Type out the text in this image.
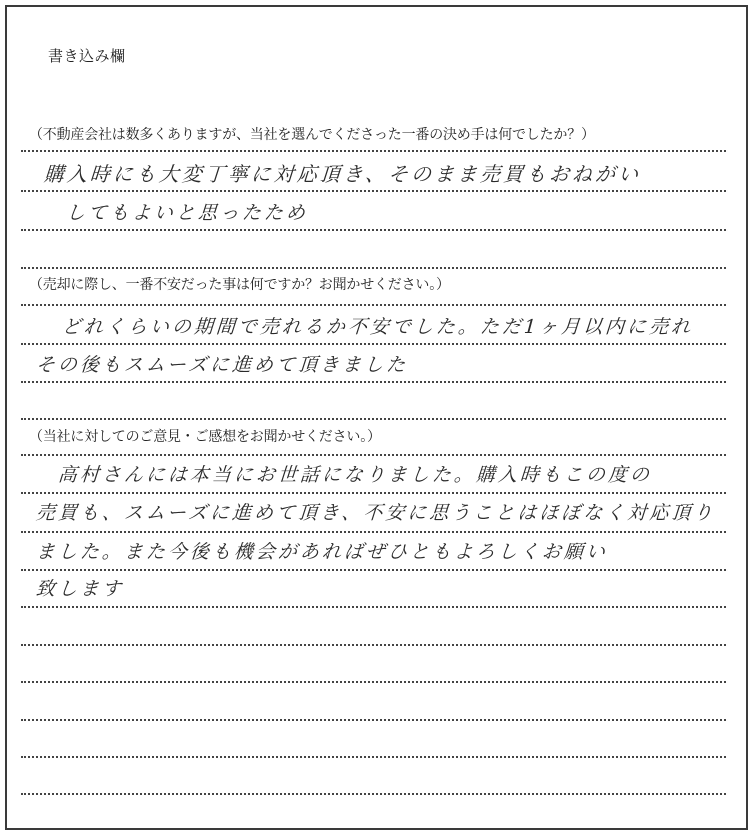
書き込み欄
（不動産会社は数多くありますが、当社を選んでくださった一番の決め手は何でしたか？）
購入時にも大変丁寧に対応頂き、そのまま売買もおねがい
してもよいと思ったため
（売却に際し、一番不安だった事は何ですか？お聞かせください。）
どれくらいの期間で売れるか不安でした。ただ1ヶ月以内に売れ
その後もスムーズに進めて頂きました
（当社に対してのご意見・ご感想をお聞かせください。）
高村さんには本当にお世話になりました。購入時もこの度の
売買も、スムーズに進めて頂き、不安に思うことはほぼなく対応頂り
ました。また今後も機会があればぜひともよろしくお願い
致します
